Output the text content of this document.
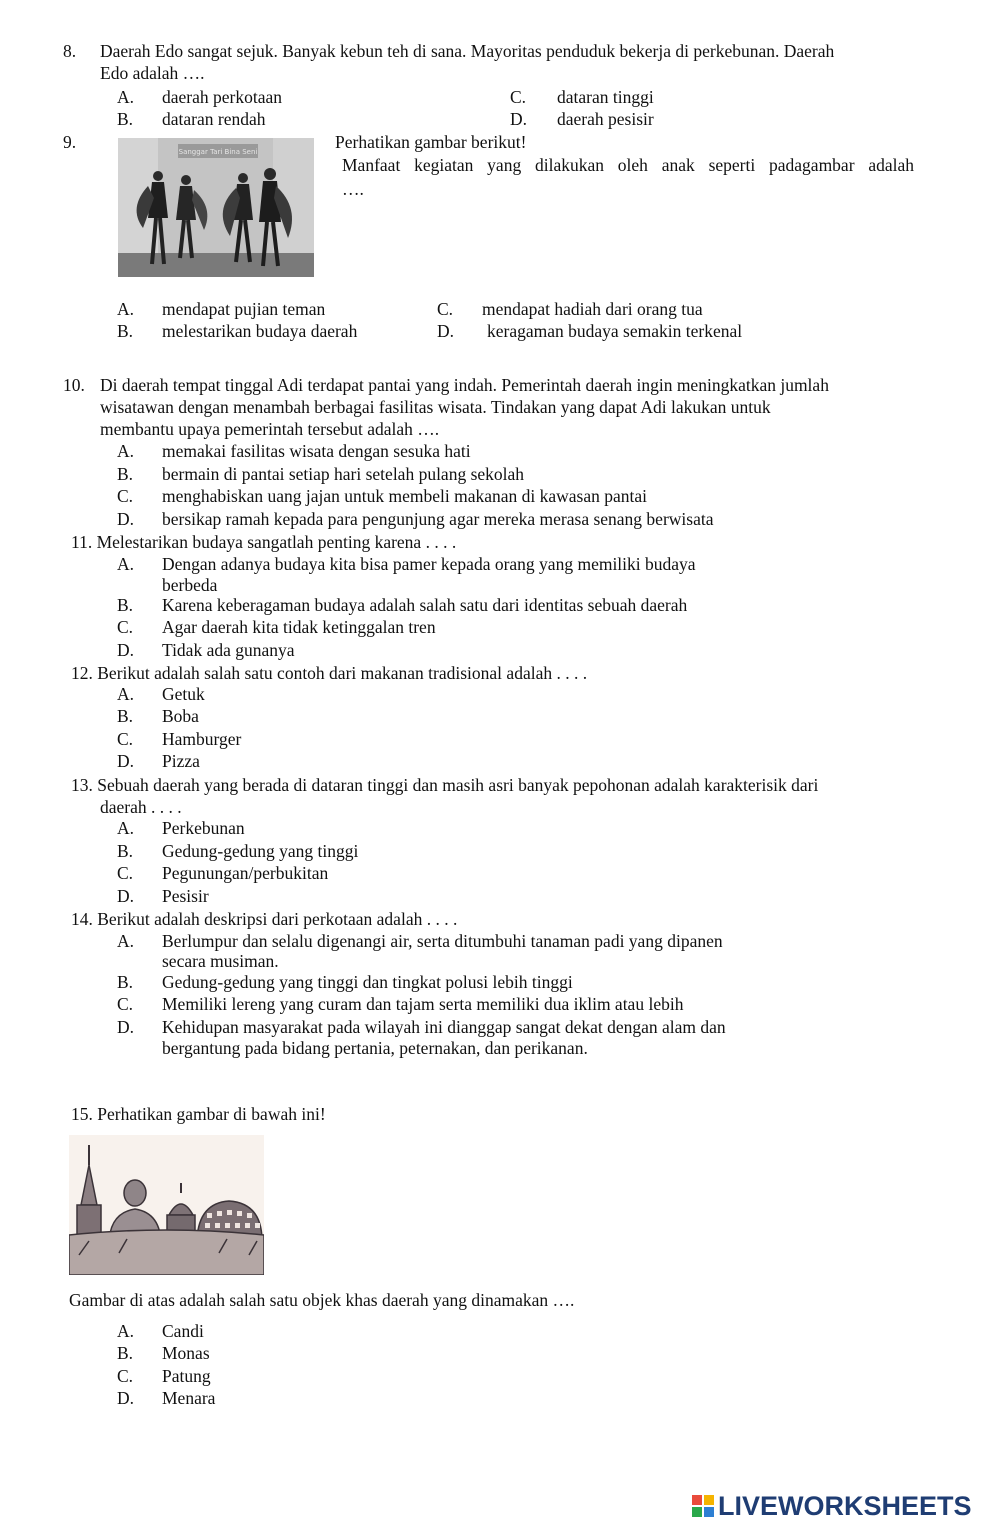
8. Daerah Edo sangat sejuk. Banyak kebun teh di sana. Mayoritas penduduk bekerja di perkebunan. Daerah
Edo adalah ….
A. daerah perkotaan
B. dataran rendah
C. dataran tinggi
D. daerah pesisir
9.	Sanggar Tari Bina Seni	Perhatikan gambar berikut!
Manfaat kegiatan yang dilakukan oleh anak seperti padagambar adalah
….
A. mendapat pujian teman
B. melestarikan budaya daerah
C. mendapat hadiah dari orang tua
D. keragaman budaya semakin terkenal
10. Di daerah tempat tinggal Adi terdapat pantai yang indah. Pemerintah daerah ingin meningkatkan jumlah
wisatawan dengan menambah berbagai fasilitas wisata. Tindakan yang dapat Adi lakukan untuk
membantu upaya pemerintah tersebut adalah ….
A. memakai fasilitas wisata dengan sesuka hati
B. bermain di pantai setiap hari setelah pulang sekolah
C. menghabiskan uang jajan untuk membeli makanan di kawasan pantai
D. bersikap ramah kepada para pengunjung agar mereka merasa senang berwisata
11. Melestarikan budaya sangatlah penting karena . . . .
A. Dengan adanya budaya kita bisa pamer kepada orang yang memiliki budaya
berbeda
B. Karena keberagaman budaya adalah salah satu dari identitas sebuah daerah
C. Agar daerah kita tidak ketinggalan tren
D. Tidak ada gunanya
12. Berikut adalah salah satu contoh dari makanan tradisional adalah . . . .
A. Getuk
B. Boba
C. Hamburger
D. Pizza
13. Sebuah daerah yang berada di dataran tinggi dan masih asri banyak pepohonan adalah karakterisik dari
daerah . . . .
A. Perkebunan
B. Gedung-gedung yang tinggi
C. Pegunungan/perbukitan
D. Pesisir
14. Berikut adalah deskripsi dari perkotaan adalah . . . .
A. Berlumpur dan selalu digenangi air, serta ditumbuhi tanaman padi yang dipanen
secara musiman.
B. Gedung-gedung yang tinggi dan tingkat polusi lebih tinggi
C. Memiliki lereng yang curam dan tajam serta memiliki dua iklim atau lebih
D. Kehidupan masyarakat pada wilayah ini dianggap sangat dekat dengan alam dan
bergantung pada bidang pertania, peternakan, dan perikanan.
15. Perhatikan gambar di bawah ini!
Gambar di atas adalah salah satu objek khas daerah yang dinamakan ….
A. Candi
B. Monas
C. Patung
D. Menara
LIVEWORKSHEETS
